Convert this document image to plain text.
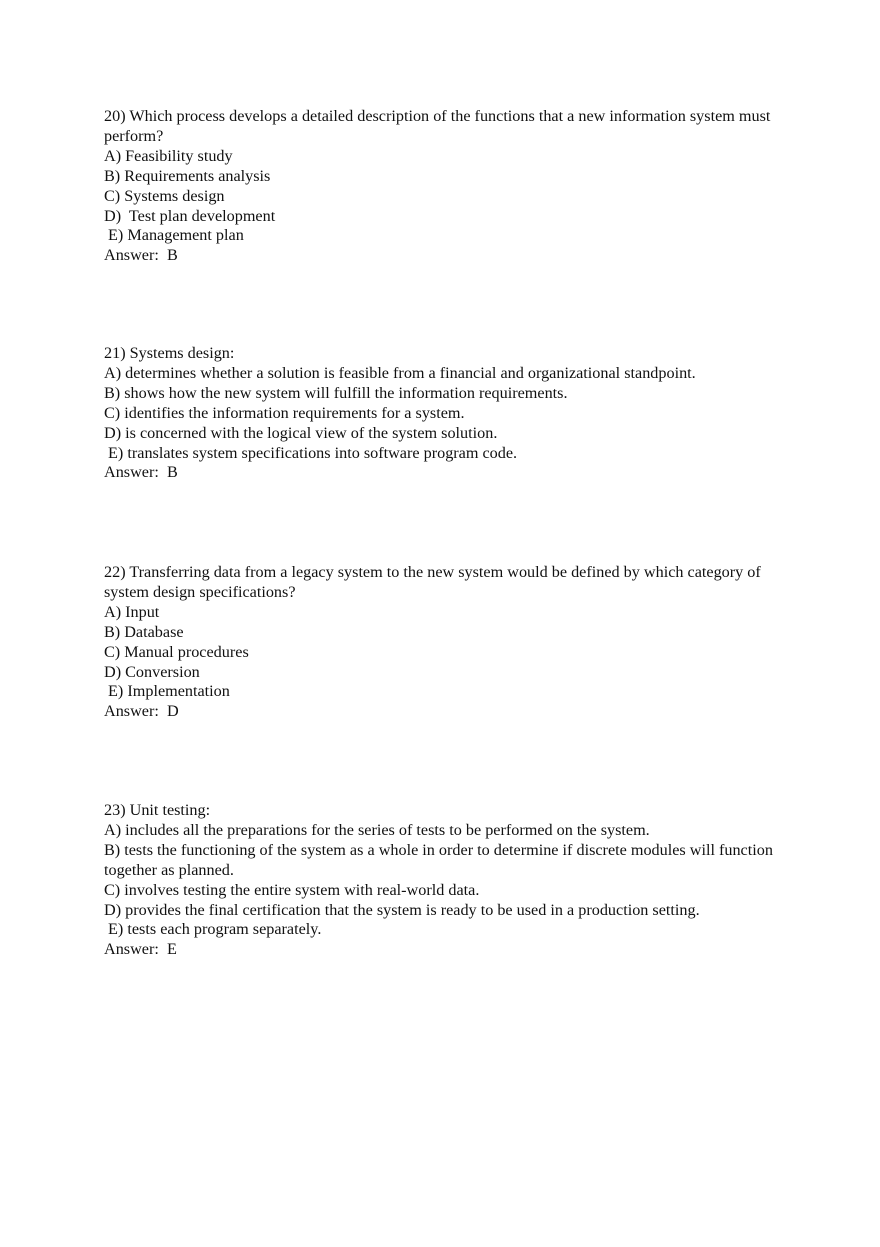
20) Which process develops a detailed description of the functions that a new information system must perform?
A) Feasibility study
B) Requirements analysis
C) Systems design
D)  Test plan development
E) Management plan
Answer:  B
21) Systems design:
A) determines whether a solution is feasible from a financial and organizational standpoint.
B) shows how the new system will fulfill the information requirements.
C) identifies the information requirements for a system.
D) is concerned with the logical view of the system solution.
E) translates system specifications into software program code.
Answer:  B
22) Transferring data from a legacy system to the new system would be defined by which category of system design specifications?
A) Input
B) Database
C) Manual procedures
D) Conversion
E) Implementation
Answer:  D
23) Unit testing:
A) includes all the preparations for the series of tests to be performed on the system.
B) tests the functioning of the system as a whole in order to determine if discrete modules will function together as planned.
C) involves testing the entire system with real-world data.
D) provides the final certification that the system is ready to be used in a production setting.
E) tests each program separately.
Answer:  E
